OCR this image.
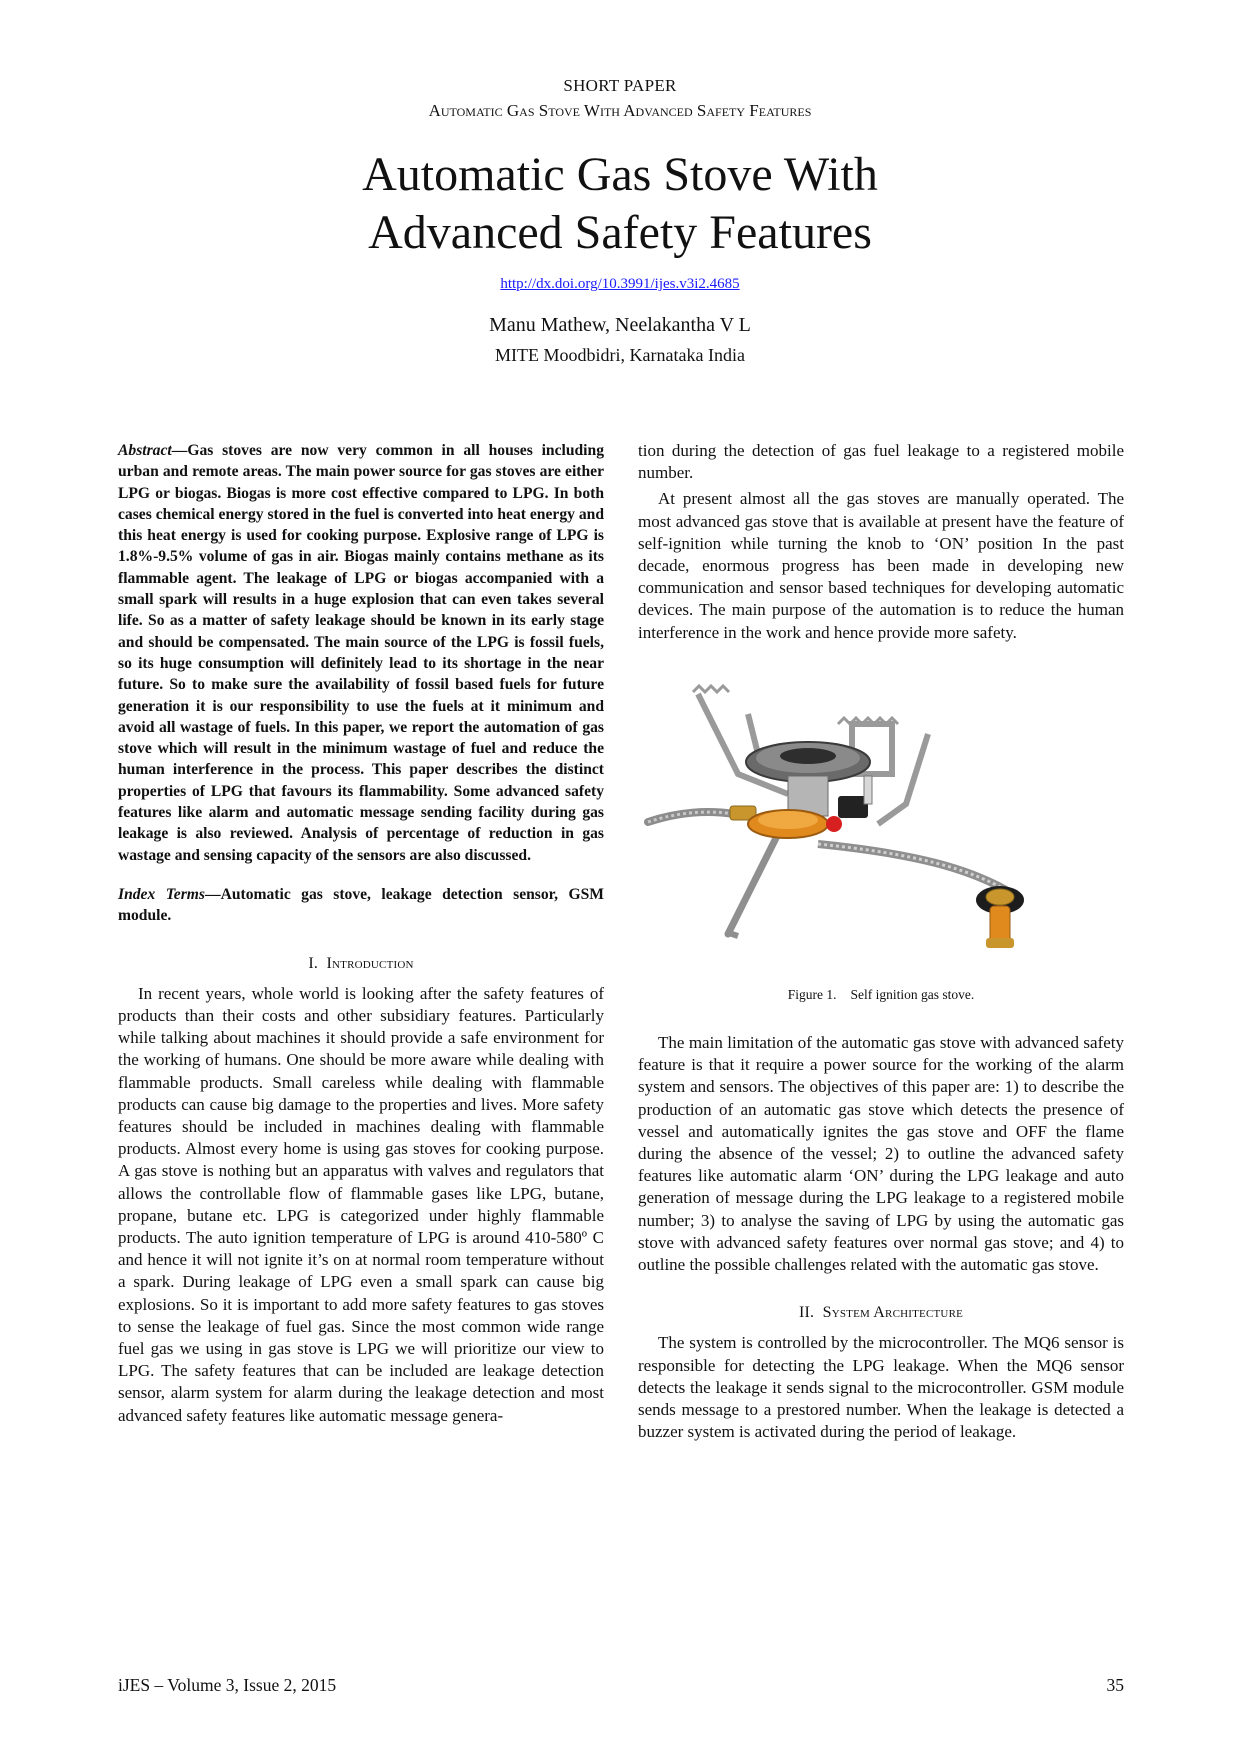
SHORT PAPER
Automatic Gas Stove With Advanced Safety Features
Automatic Gas Stove With
Advanced Safety Features
http://dx.doi.org/10.3991/ijes.v3i2.4685
Manu Mathew, Neelakantha V L
MITE Moodbidri, Karnataka India

Abstract—Gas stoves are now very common in all houses including urban and remote areas. The main power source for gas stoves are either LPG or biogas. Biogas is more cost effective compared to LPG. In both cases chemical energy stored in the fuel is converted into heat energy and this heat energy is used for cooking purpose. Explosive range of LPG is 1.8%-9.5% volume of gas in air. Biogas mainly contains methane as its flammable agent. The leakage of LPG or biogas accompanied with a small spark will results in a huge explosion that can even takes several life. So as a matter of safety leakage should be known in its early stage and should be compensated. The main source of the LPG is fossil fuels, so its huge consumption will definitely lead to its shortage in the near future. So to make sure the availability of fossil based fuels for future generation it is our responsibility to use the fuels at it minimum and avoid all wastage of fuels. In this paper, we report the automation of gas stove which will result in the minimum wastage of fuel and reduce the human interference in the process. This paper describes the distinct properties of LPG that favours its flammability. Some advanced safety features like alarm and automatic message sending facility during gas leakage is also reviewed. Analysis of percentage of reduction in gas wastage and sensing capacity of the sensors are also discussed.

Index Terms—Automatic gas stove, leakage detection sensor, GSM module.

I. Introduction

In recent years, whole world is looking after the safety features of products than their costs and other subsidiary features. Particularly while talking about machines it should provide a safe environment for the working of humans. One should be more aware while dealing with flammable products. Small careless while dealing with flammable products can cause big damage to the properties and lives. More safety features should be included in machines dealing with flammable products. Almost every home is using gas stoves for cooking purpose. A gas stove is nothing but an apparatus with valves and regulators that allows the controllable flow of flammable gases like LPG, butane, propane, butane etc. LPG is categorized under highly flammable products. The auto ignition temperature of LPG is around 410-580º C and hence it will not ignite it’s on at normal room temperature without a spark. During leakage of LPG even a small spark can cause big explosions. So it is important to add more safety features to gas stoves to sense the leakage of fuel gas. Since the most common wide range fuel gas we using in gas stove is LPG we will prioritize our view to LPG. The safety features that can be included are leakage detection sensor, alarm system for alarm during the leakage detection and most advanced safety features like automatic message genera-

tion during the detection of gas fuel leakage to a registered mobile number.

At present almost all the gas stoves are manually operated. The most advanced gas stove that is available at present have the feature of self-ignition while turning the knob to ‘ON’ position In the past decade, enormous progress has been made in developing new communication and sensor based techniques for developing automatic devices. The main purpose of the automation is to reduce the human interference in the work and hence provide more safety.

Figure 1. Self ignition gas stove.

The main limitation of the automatic gas stove with advanced safety feature is that it require a power source for the working of the alarm system and sensors. The objectives of this paper are: 1) to describe the production of an automatic gas stove which detects the presence of vessel and automatically ignites the gas stove and OFF the flame during the absence of the vessel; 2) to outline the advanced safety features like automatic alarm ‘ON’ during the LPG leakage and auto generation of message during the LPG leakage to a registered mobile number; 3) to analyse the saving of LPG by using the automatic gas stove with advanced safety features over normal gas stove; and 4) to outline the possible challenges related with the automatic gas stove.

II. System Architecture

The system is controlled by the microcontroller. The MQ6 sensor is responsible for detecting the LPG leakage. When the MQ6 sensor detects the leakage it sends signal to the microcontroller. GSM module sends message to a prestored number. When the leakage is detected a buzzer system is activated during the period of leakage.

iJES – Volume 3, Issue 2, 2015	35
